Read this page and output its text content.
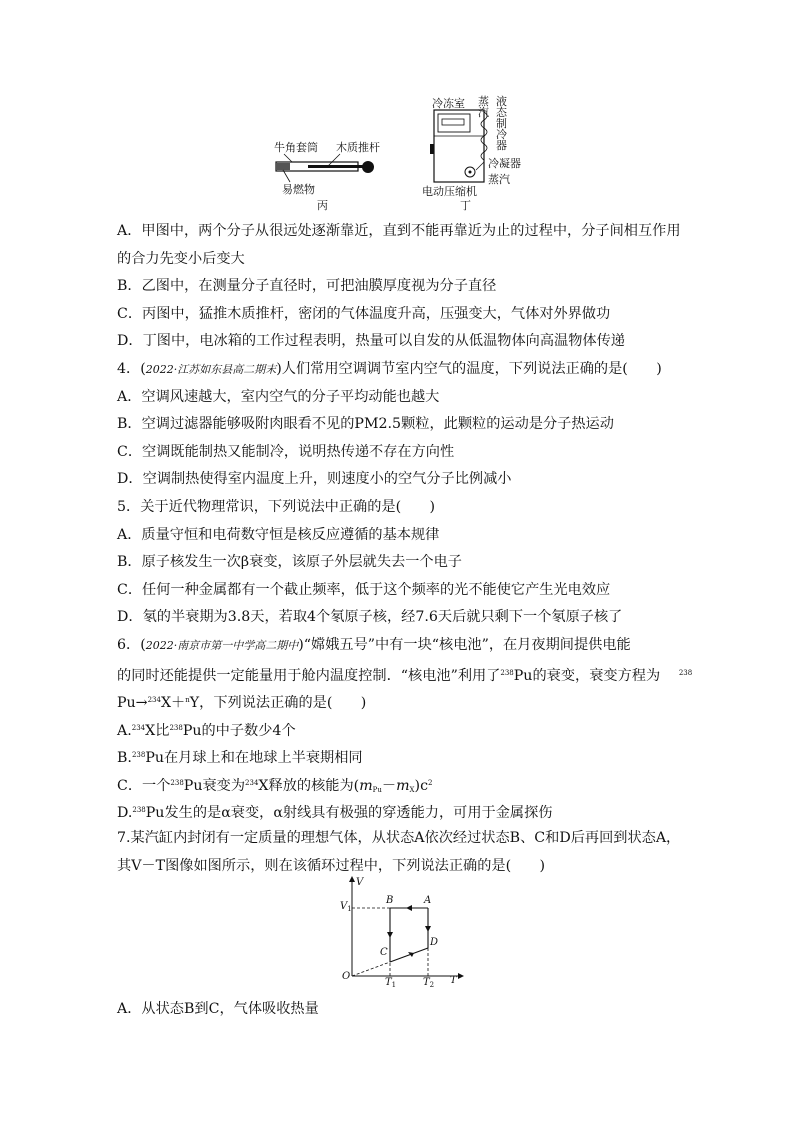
牛角套筒 木质推杆
易燃物
丙
冷冻室 蒸汽
液态制冷器
冷凝器
蒸汽
电动压缩机
丁
A．甲图中，两个分子从很远处逐渐靠近，直到不能再靠近为止的过程中，分子间相互作用
的合力先变小后变大
B．乙图中，在测量分子直径时，可把油膜厚度视为分子直径
C．丙图中，猛推木质推杆，密闭的气体温度升高，压强变大，气体对外界做功
D．丁图中，电冰箱的工作过程表明，热量可以自发的从低温物体向高温物体传递
4．(2022·江苏如东县高二期末)人们常用空调调节室内空气的温度，下列说法正确的是(　　)
A．空调风速越大，室内空气的分子平均动能也越大
B．空调过滤器能够吸附肉眼看不见的PM2.5颗粒，此颗粒的运动是分子热运动
C．空调既能制热又能制冷，说明热传递不存在方向性
D．空调制热使得室内温度上升，则速度小的空气分子比例减小
5．关于近代物理常识，下列说法中正确的是(　　)
A．质量守恒和电荷数守恒是核反应遵循的基本规律
B．原子核发生一次β衰变，该原子外层就失去一个电子
C．任何一种金属都有一个截止频率，低于这个频率的光不能使它产生光电效应
D．氡的半衰期为3.8天，若取4个氡原子核，经7.6天后就只剩下一个氡原子核了
6．(2022·南京市第一中学高二期中)“嫦娥五号”中有一块“核电池”，在月夜期间提供电能
的同时还能提供一定能量用于舱内温度控制．“核电池”利用了$^{238}$Pu的衰变，衰变方程为　	$^{238}$
Pu→$^{234}$X＋$^n$Y，下列说法正确的是(　　)
A.$^{234}$X比$^{238}$Pu的中子数少4个
B.$^{238}$Pu在月球上和在地球上半衰期相同
C．一个$^{238}$Pu衰变为$^{234}$X释放的核能为$(m_{Pu}-m_X)c^2$
D.$^{238}$Pu发生的是α衰变，α射线具有极强的穿透能力，可用于金属探伤
7.某汽缸内封闭有一定质量的理想气体，从状态A依次经过状态B、C和D后再回到状态A，
其V－T图像如图所示，则在该循环过程中，下列说法正确的是(　　)
V
T
O
$V_1$
$T_1$	$T_2$
A
B
C
D
A．从状态B到C，气体吸收热量
